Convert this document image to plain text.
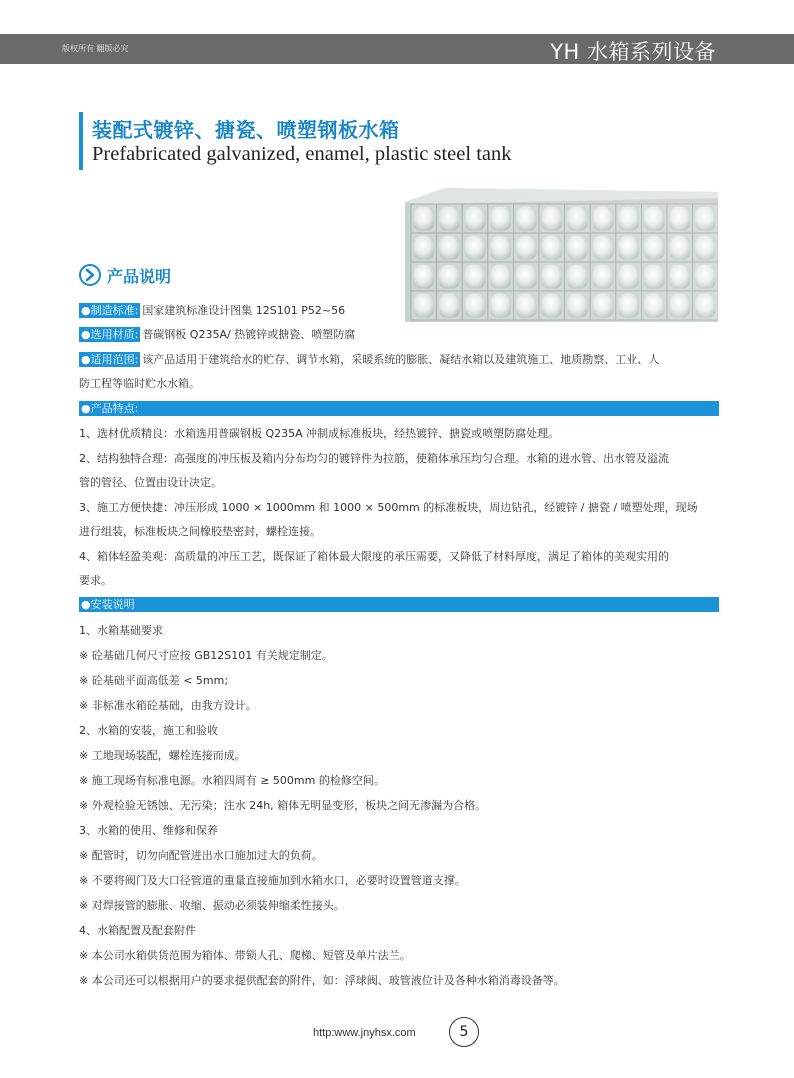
版权所有 翻版必究	YH 水箱系列设备
装配式镀锌、搪瓷、喷塑钢板水箱
Prefabricated galvanized, enamel, plastic steel tank
产品说明
●制造标准: 国家建筑标准设计图集 12S101 P52~56
●选用材质: 普碳钢板 Q235A/ 热镀锌或搪瓷、喷塑防腐
●适用范围: 该产品适用于建筑给水的贮存、调节水箱，采暖系统的膨胀、凝结水箱以及建筑施工、地质勘察、工业、人
防工程等临时贮水水箱。
●产品特点:
1、选材优质精良：水箱选用普碳钢板 Q235A 冲制成标准板块，经热镀锌、搪瓷或喷塑防腐处理。
2、结构独特合理：高强度的冲压板及箱内分布均匀的镀锌件为拉筋，使箱体承压均匀合理。水箱的进水管、出水管及溢流
管的管径、位置由设计决定。
3、施工方便快捷：冲压形成 1000 × 1000mm 和 1000 × 500mm 的标准板块，周边钻孔，经镀锌 / 搪瓷 / 喷塑处理，现场
进行组装，标准板块之间橡胶垫密封，螺栓连接。
4、箱体轻盈美观：高质量的冲压工艺，既保证了箱体最大限度的承压需要，又降低了材料厚度，满足了箱体的美观实用的
要求。
●安装说明
1、水箱基础要求
※ 砼基础几何尺寸应按 GB12S101 有关规定制定。
※ 砼基础平面高低差 < 5mm;
※ 非标准水箱砼基础，由我方设计。
2、水箱的安装，施工和验收
※ 工地现场装配，螺栓连接而成。
※ 施工现场有标准电源。水箱四周有 ≥ 500mm 的检修空间。
※ 外观检验无锈蚀、无污染；注水 24h, 箱体无明显变形，板块之间无渗漏为合格。
3、水箱的使用、维修和保养
※ 配管时，切勿向配管进出水口施加过大的负荷。
※ 不要将阀门及大口径管道的重量直接施加到水箱水口，必要时设置管道支撑。
※ 对焊接管的膨胀、收缩、振动必须装伸缩柔性接头。
4、水箱配置及配套附件
※ 本公司水箱供货范围为箱体、带锁人孔、爬梯、短管及单片法兰。
※ 本公司还可以根据用户的要求提供配套的附件，如：浮球阀、玻管液位计及各种水箱消毒设备等。
http:www.jnyhsx.com	5
